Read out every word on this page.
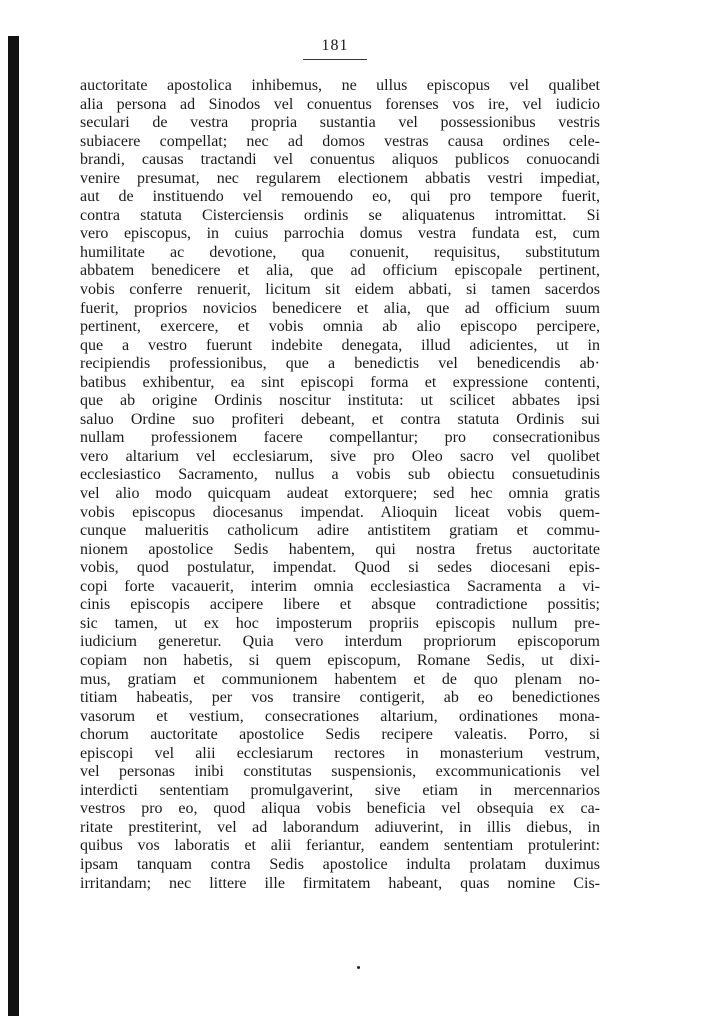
181
auctoritate apostolica inhibemus, ne ullus episcopus vel qualibet
alia persona ad Sinodos vel conuentus forenses vos ire, vel iudicio
seculari de vestra propria sustantia vel possessionibus vestris
subiacere compellat; nec ad domos vestras causa ordines cele-
brandi, causas tractandi vel conuentus aliquos publicos conuocandi
venire presumat, nec regularem electionem abbatis vestri impediat,
aut de instituendo vel remouendo eo, qui pro tempore fuerit,
contra statuta Cisterciensis ordinis se aliquatenus intromittat. Si
vero episcopus, in cuius parrochia domus vestra fundata est, cum
humilitate ac devotione, qua conuenit, requisitus, substitutum
abbatem benedicere et alia, que ad officium episcopale pertinent,
vobis conferre renuerit, licitum sit eidem abbati, si tamen sacerdos
fuerit, proprios novicios benedicere et alia, que ad officium suum
pertinent, exercere, et vobis omnia ab alio episcopo percipere,
que a vestro fuerunt indebite denegata, illud adicientes, ut in
recipiendis professionibus, que a benedictis vel benedicendis ab·
batibus exhibentur, ea sint episcopi forma et expressione contenti,
que ab origine Ordinis noscitur instituta: ut scilicet abbates ipsi
saluo Ordine suo profiteri debeant, et contra statuta Ordinis sui
nullam professionem facere compellantur; pro consecrationibus
vero altarium vel ecclesiarum, sive pro Oleo sacro vel quolibet
ecclesiastico Sacramento, nullus a vobis sub obiectu consuetudinis
vel alio modo quicquam audeat extorquere; sed hec omnia gratis
vobis episcopus diocesanus impendat. Alioquin liceat vobis quem-
cunque malueritis catholicum adire antistitem gratiam et commu-
nionem apostolice Sedis habentem, qui nostra fretus auctoritate
vobis, quod postulatur, impendat. Quod si sedes diocesani epis-
copi forte vacauerit, interim omnia ecclesiastica Sacramenta a vi-
cinis episcopis accipere libere et absque contradictione possitis;
sic tamen, ut ex hoc imposterum propriis episcopis nullum pre-
iudicium generetur. Quia vero interdum propriorum episcoporum
copiam non habetis, si quem episcopum, Romane Sedis, ut dixi-
mus, gratiam et communionem habentem et de quo plenam no-
titiam habeatis, per vos transire contigerit, ab eo benedictiones
vasorum et vestium, consecrationes altarium, ordinationes mona-
chorum auctoritate apostolice Sedis recipere valeatis. Porro, si
episcopi vel alii ecclesiarum rectores in monasterium vestrum,
vel personas inibi constitutas suspensionis, excommunicationis vel
interdicti sententiam promulgaverint, sive etiam in mercennarios
vestros pro eo, quod aliqua vobis beneficia vel obsequia ex ca-
ritate prestiterint, vel ad laborandum adiuverint, in illis diebus, in
quibus vos laboratis et alii feriantur, eandem sententiam protulerint:
ipsam tanquam contra Sedis apostolice indulta prolatam duximus
irritandam; nec littere ille firmitatem habeant, quas nomine Cis-
